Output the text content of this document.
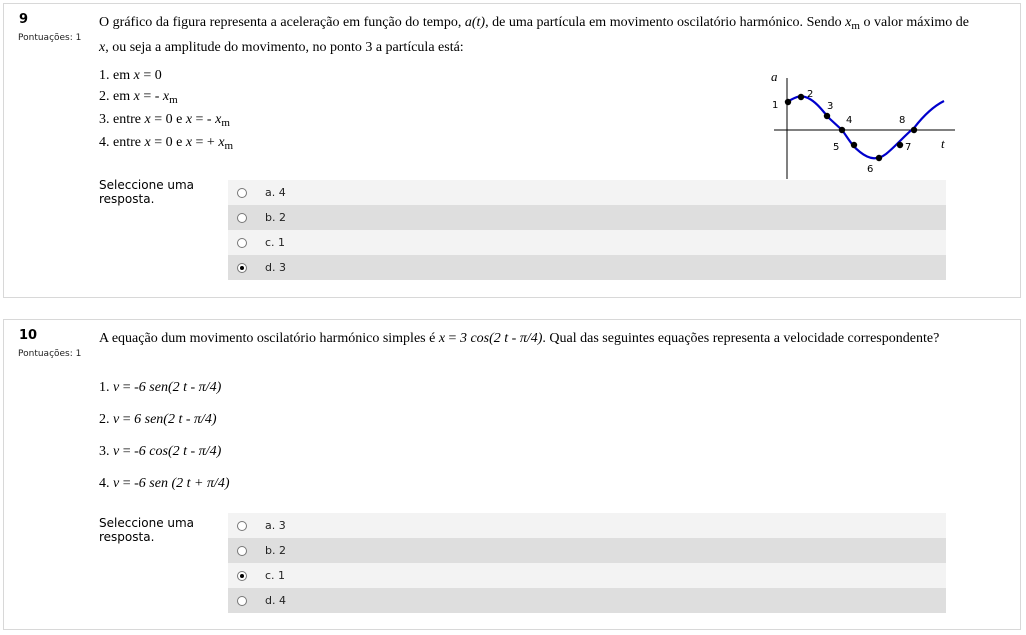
9
Pontuações: 1
O gráfico da figura representa a aceleração em função do tempo, a(t), de uma partícula em movimento oscilatório harmónico. Sendo $x_m$ o valor máximo de x, ou seja a amplitude do movimento, no ponto 3 a partícula está:
1. em x = 0
2. em x = - $x_m$
3. entre x = 0 e x = - $x_m$
4. entre x = 0 e x = + $x_m$
a
t
1
2
3
4
5
6
7
8
Seleccione uma resposta.	a. 4
b. 2
c. 1
d. 3
10
Pontuações: 1
A equação dum movimento oscilatório harmónico simples é x = 3 cos(2 t - π/4). Qual das seguintes equações representa a velocidade correspondente?
1. v = -6 sen(2 t - π/4)
2. v = 6 sen(2 t - π/4)
3. v = -6 cos(2 t - π/4)
4. v = -6 sen (2 t + π/4)
Seleccione uma resposta.
a. 3
b. 2
c. 1
d. 4
